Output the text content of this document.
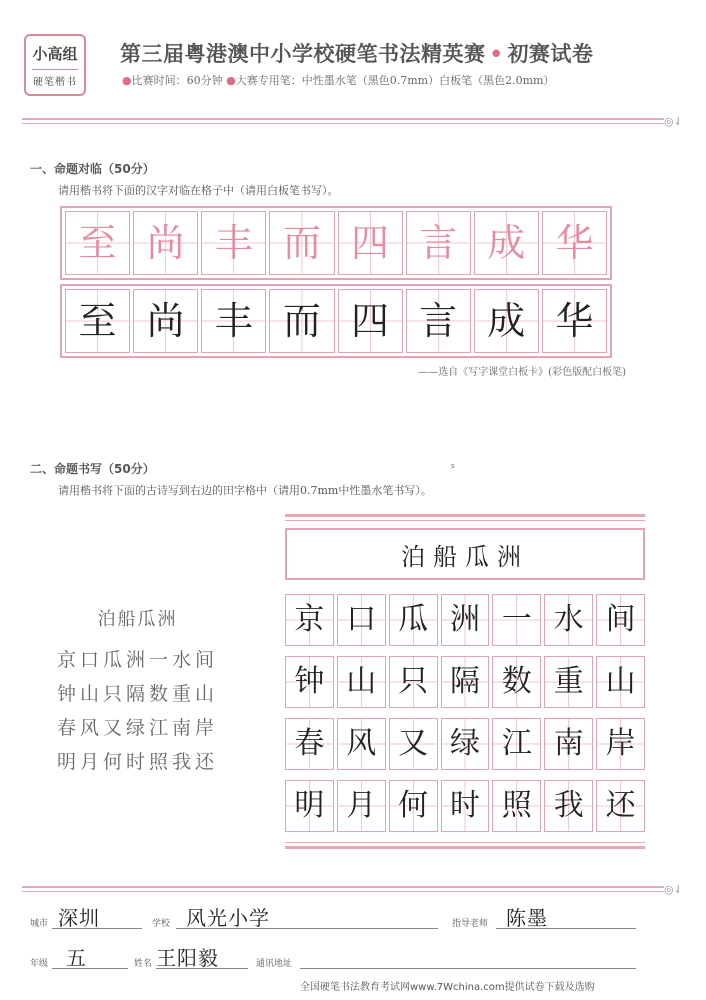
小高组
硬笔楷书
第三届粤港澳中小学校硬笔书法精英赛 • 初赛试卷
●比赛时间：60分钟 ●大赛专用笔：中性墨水笔（黑色0.7mm）白板笔（黑色2.0mm）
◎⇃
一、命题对临（50分）
请用楷书将下面的汉字对临在格子中（请用白板笔书写）。
至 尚 丰 而 四 言 成 华
至 尚 丰 而 四 言 成 华
——选自《写字课堂白板卡》(彩色版配白板笔)
二、命题书写（50分）	s
请用楷书将下面的古诗写到右边的田字格中（请用0.7mm中性墨水笔书写）。
泊船瓜洲
京口瓜洲一水间
钟山只隔数重山
春风又绿江南岸
明月何时照我还
泊船瓜洲
京 口 瓜 洲 一 水 间
钟 山 只 隔 数 重 山
春 风 又 绿 江 南 岸
明 月 何 时 照 我 还
◎⇃
城市 深圳	学校 风光小学	指导老师 陈墨
年级 五	姓名 王阳毅	通讯地址
全国硬笔书法教育考试网www.7Wchina.com提供试卷下载及选购
